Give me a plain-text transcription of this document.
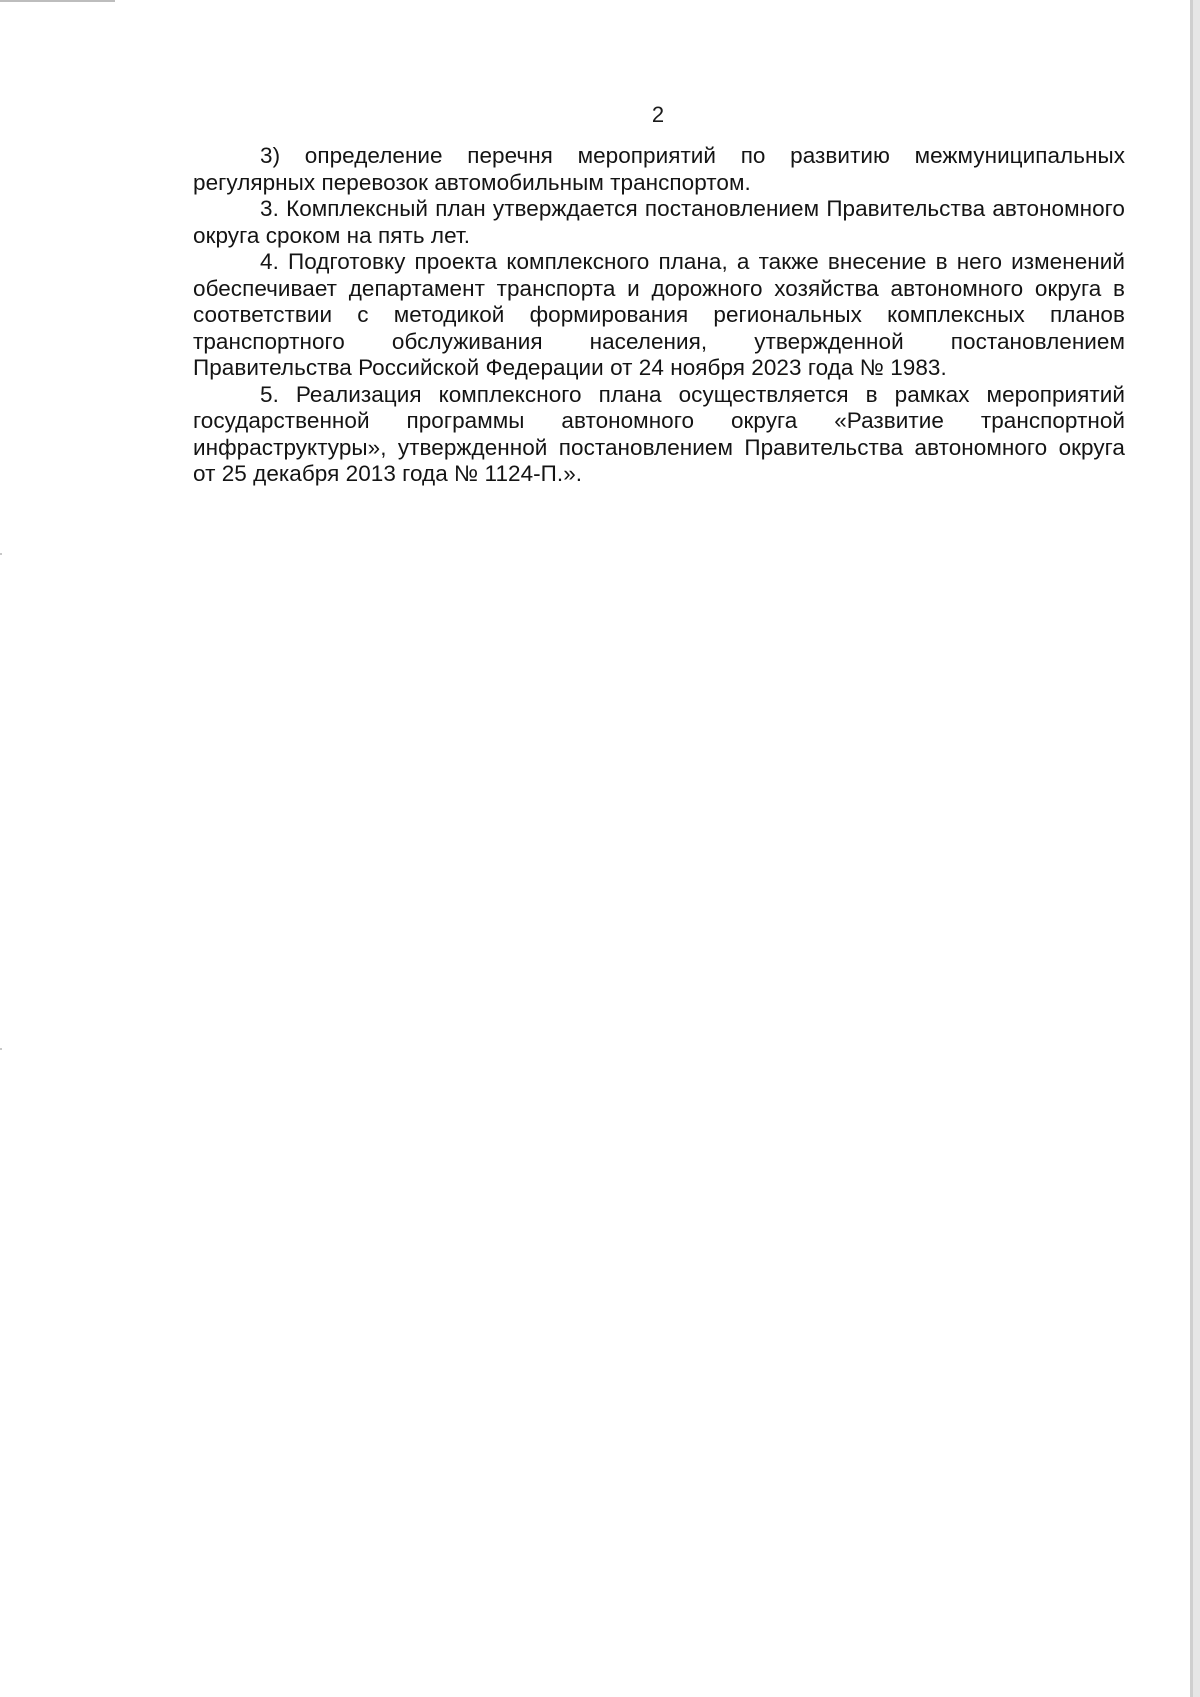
2

3) определение перечня мероприятий по развитию межмуниципальных регулярных перевозок автомобильным транспортом.

3. Комплексный план утверждается постановлением Правительства автономного округа сроком на пять лет.

4. Подготовку проекта комплексного плана, а также внесение в него изменений обеспечивает департамент транспорта и дорожного хозяйства автономного округа в соответствии с методикой формирования региональных комплексных планов транспортного обслуживания населения, утвержденной постановлением Правительства Российской Федерации от 24 ноября 2023 года № 1983.

5. Реализация комплексного плана осуществляется в рамках мероприятий государственной программы автономного округа «Развитие транспортной инфраструктуры», утвержденной постановлением Правительства автономного округа от 25 декабря 2013 года № 1124-П.».
